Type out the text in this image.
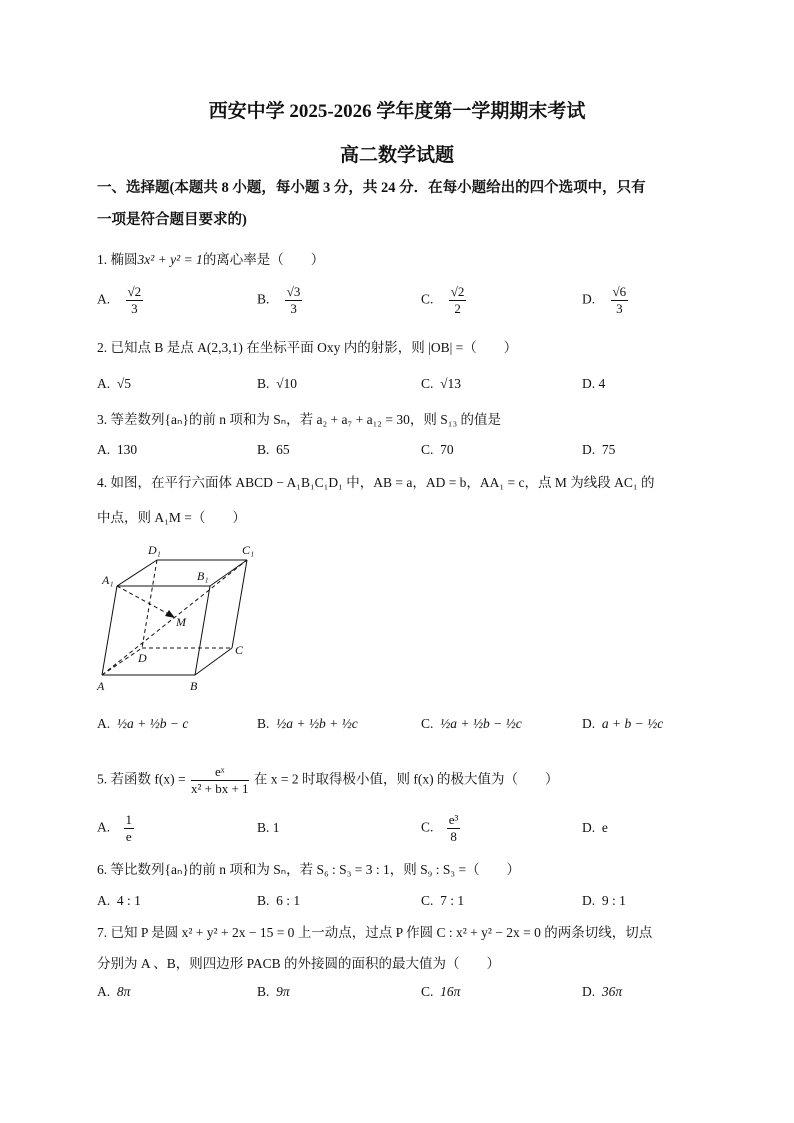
西安中学 2025-2026 学年度第一学期期末考试
高二数学试题
一、选择题(本题共 8 小题，每小题 3 分，共 24 分．在每小题给出的四个选项中，只有
一项是符合题目要求的)
1. 椭圆3x² + y² = 1的离心率是（　　）
A. $\frac{√2}{3}$	B. $\frac{√3}{3}$	C. $\frac{√2}{2}$	D. $\frac{√6}{3}$
2. 已知点 B 是点 A(2,3,1) 在坐标平面 Oxy 内的射影，则 |OB| =（　　）
A. √5	B. √10	C. √13	D. 4
3. 等差数列{aₙ}的前 n 项和为 Sₙ，若 a₂ + a₇ + a₁₂ = 30，则 S₁₃ 的值是
A. 130	B. 65	C. 70	D. 75
4. 如图，在平行六面体 ABCD − A₁B₁C₁D₁ 中，AB = a，AD = b，AA₁ = c，点 M 为线段 AC₁ 的
中点，则 A₁M =（　　）
D₁	C₁
A₁	B₁
M
D
C
A	B
A. ½a + ½b − c	B. ½a + ½b + ½c	C. ½a + ½b − ½c	D. a + b − ½c
5. 若函数 $f(x) = \frac{\text{eˣ}}{\text{x² + bx + 1}}$ 在 x = 2 时取得极小值，则 f(x) 的极大值为（　　）
A. $\frac{1}{e}$	B. 1	C. $\frac{\text{e³}}{8}$	D. e
6. 等比数列{aₙ}的前 n 项和为 Sₙ，若 S₆ : S₃ = 3 : 1，则 S₉ : S₃ =（　　）
A. 4 : 1	B. 6 : 1	C. 7 : 1	D. 9 : 1
7. 已知 P 是圆 x² + y² + 2x − 15 = 0 上一动点，过点 P 作圆 C : x² + y² − 2x = 0 的两条切线，切点
分别为 A 、B，则四边形 PACB 的外接圆的面积的最大值为（　　）
A. 8π	B. 9π	C. 16π	D. 36π
